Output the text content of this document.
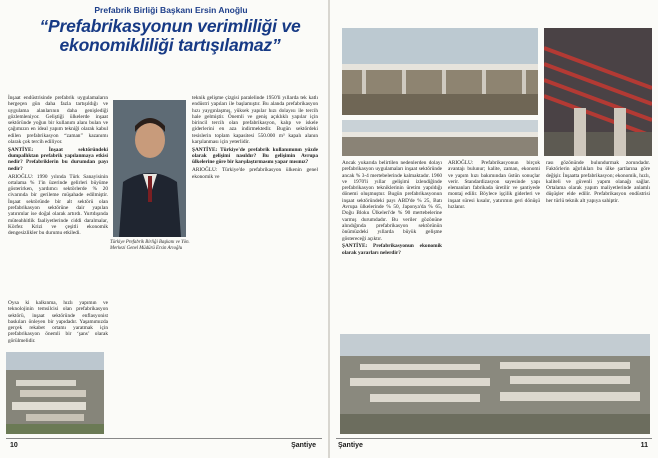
Prefabrik Birliği Başkanı Ersin Anoğlu
“Prefabrikasyonun verimliliği ve ekonomikliliği tartışılamaz”

İnşaat endüstrisinde prefabrik uygulamaların hergeçen gün daha fazla tartışıldığı ve uygulama alanlarının daha genişlediği gözlemleniyor. Geliştiği ülkelerde inşaat sektöründe yoğun bir kullanım alanı bulan ve çağımızın en ideal yapım tekniği olarak kabul edilen prefabrikasyon “zaman” kazanımı olarak çok tercih ediliyor.

ŞANTİYE: İnşaat sektöründeki dumpallıktan prefabrik yapılanmaya etkisi nedir? Prefabriklerin bu durumdan payı nedir?

ARIOĞLU: 1990 yılında Türk Sanayisinin ortalama % 1'in üzerinde gelirleri büyüme gösterirken, yardımcı sektörlerde % 20 civarında bir gerileme müşahade edilmiştir. İnşaat sektöründe bir alt sektörü olan prefabrikasyon sektörüne dair yapılan yatırımlar ise doğal olarak artırdı. Yurtdışında müteahhitlik faaliyetlerinde ciddi daralmalar, Körfez Krizi ve çeşitli ekonomik dengesizlikler bu durumu etkiledi.

Türkiye Prefabrik Birliği Başkanı ve Yön. Merkezi Genel Müdürü Ersin Arıoğlu

teknik gelişme çizgisi paralelinde 1950'li yıllarda tek katlı endüstri yapıları ile başlamıştır. Bu alanda prefabrikasyon hızı yaygınlaşmış, yüksek yapılar hızı dolayısı ile tercih hale gelmiştir. Önemli ve geniş açıklıklı yapılar için birincil tercih olan prefabrikasyon, kalıp ve iskele giderlerini en aza indirmektedir. Bugün sektördeki tesislerin toplam kapasitesi 550.000 m³ kapalı alanın karşılanması için yeterlidir.

ŞANTİYE: Türkiye'de prefabrik kullanımının yüzde olarak gelişimi nasıldır? Bu gelişimin Avrupa ülkelerine göre bir karşılaştırmasını yapar mısınız?

ARIOĞLU: Türkiye'de prefabrikasyon ülkenin genel ekonomik ve

Oysa ki kalkınma, hızlı yapımın ve teknolojinin temsilcisi olan prefabrikasyon sektörü, inşaat sektöründe enflasyonist baskıları önleyen bir yapıdadır. Yaşamımızda gerçek rekabet ortamı yaratmak için prefabrikasyon önemli bir ‘şans’ olarak görülmelidir.

10	Şantiye	Şantiye	11

Ancak yukarıda belirtilen nedenlerden dolayı prefabrikasyon uygulamaları inşaat sektöründe ancak % 3-4 mertebelerinde kalmaktadır. 1960 ve 1970'li yıllar gelişimi izlendiğinde prefabrikasyon tekniklerinin üretim yapıldığı dönemi oluşmuştur. Bugün prefabrikasyonun inşaat sektöründeki payı ABD'de % 25, Batı Avrupa ülkelerinde % 50, Japonya'da % 65, Doğu Bloku Ülkeleri'de % 90 mertebelerine varmış durumdadır. Bu veriler gözönüne alındığında prefabrikasyon sektörünün önümüzdeki yıllarda büyük gelişme göstereceği açıktır.

ŞANTİYE: Prefabrikasyonun ekonomik olarak yararları nelerdir?

ARIOĞLU: Prefabrikasyonun birçok avantajı bulunur; kalite, zaman, ekonomi ve yapım hızı bakımından üstün sonuçlar verir. Standardizasyon sayesinde yapı elemanları fabrikada üretilir ve şantiyede montaj edilir. Böylece işçilik giderleri ve inşaat süresi kısalır, yatırımın geri dönüşü hızlanır.

rası gözönünde bulundurmak zorundadır. Faktörlerin ağırlıkları bu ülke şartlarına göre değişir. İnşaatta prefabrikasyon; ekonomik, hızlı, kaliteli ve güvenli yapım olanağı sağlar. Ortalama olarak yapım maliyetlerinde anlamlı düşüşler elde edilir. Prefabrikasyon endüstrisi her türlü teknik alt yapıya sahiptir.
